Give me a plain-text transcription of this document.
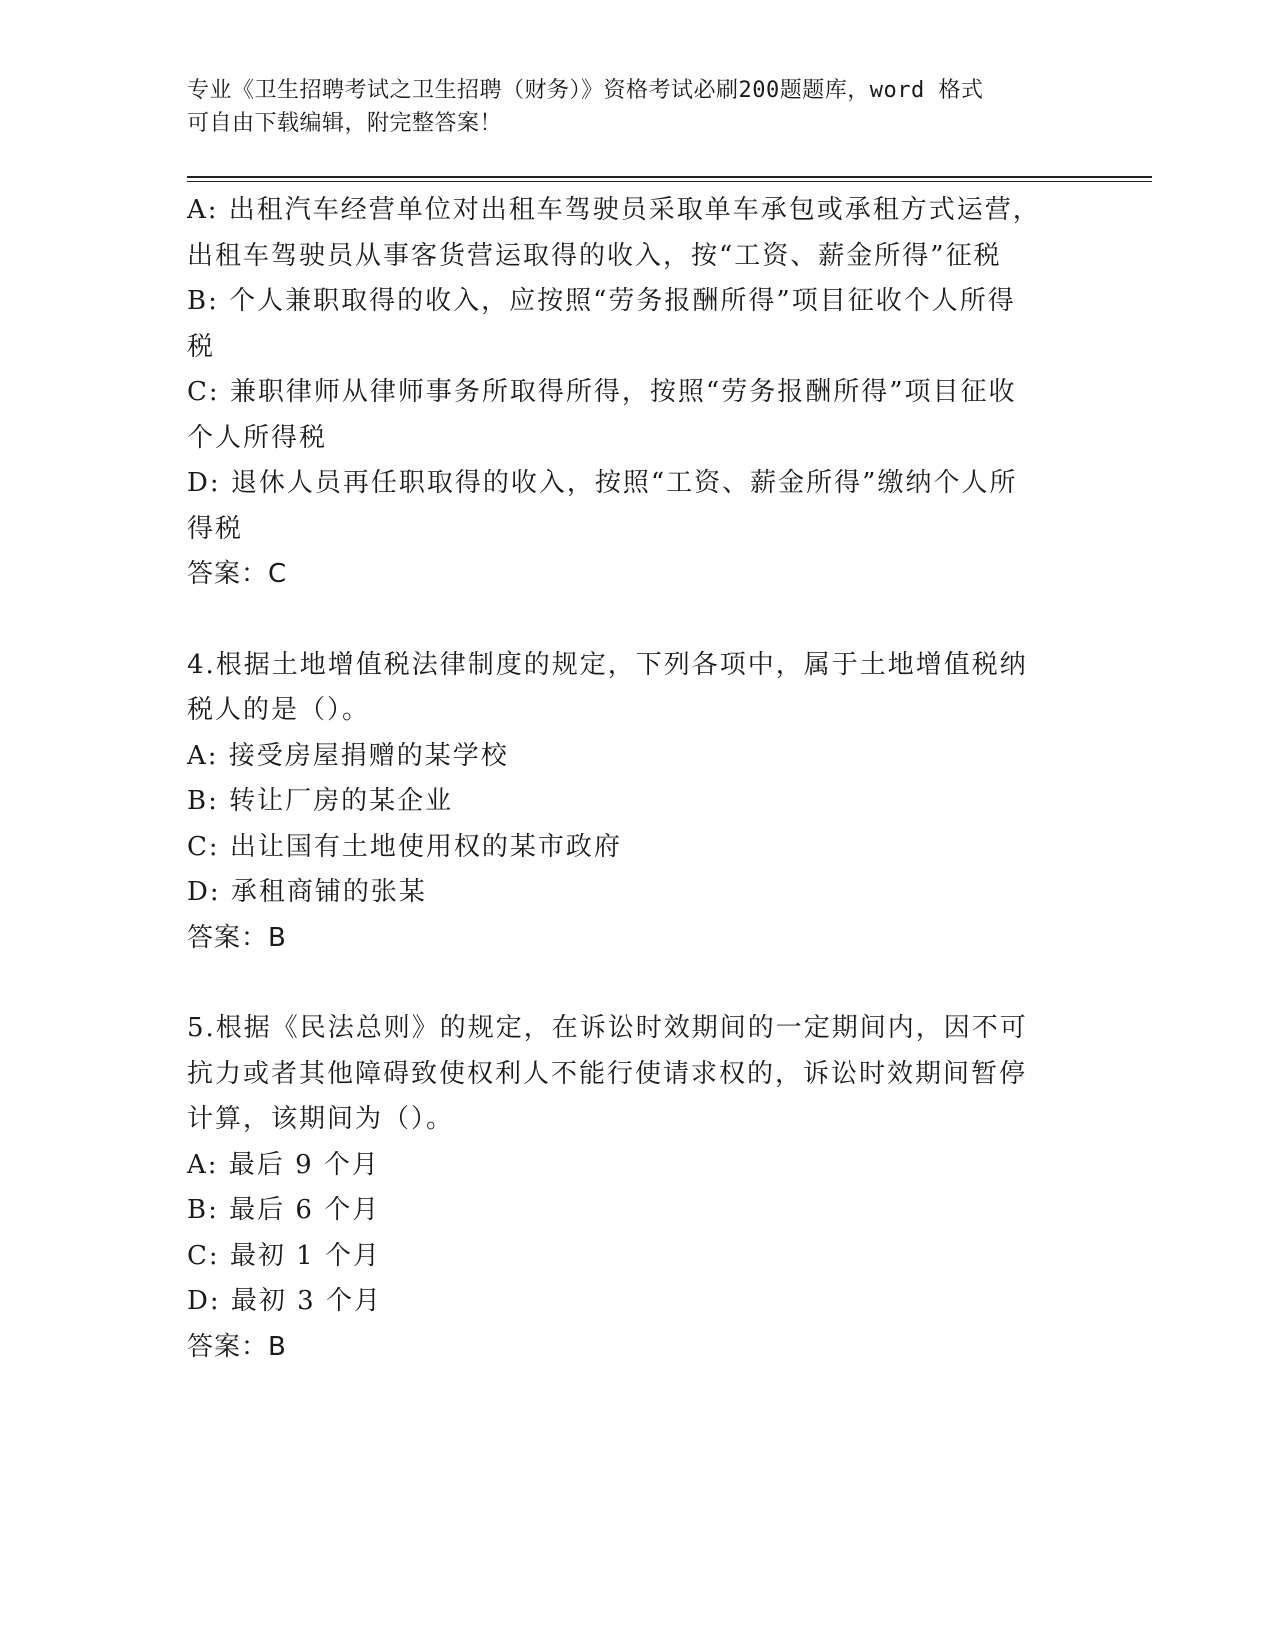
专业《卫生招聘考试之卫生招聘（财务）》资格考试必刷200题题库，word 格式
可自由下载编辑，附完整答案！

A: 出租汽车经营单位对出租车驾驶员采取单车承包或承租方式运营，

出租车驾驶员从事客货营运取得的收入，按“工资、薪金所得”征税

B: 个人兼职取得的收入，应按照“劳务报酬所得”项目征收个人所得

税

C: 兼职律师从律师事务所取得所得，按照“劳务报酬所得”项目征收

个人所得税

D: 退休人员再任职取得的收入，按照“工资、薪金所得”缴纳个人所

得税

答案：C

4.根据土地增值税法律制度的规定，下列各项中，属于土地增值税纳

税人的是（）。

A: 接受房屋捐赠的某学校

B: 转让厂房的某企业

C: 出让国有土地使用权的某市政府

D: 承租商铺的张某

答案：B

5.根据《民法总则》的规定，在诉讼时效期间的一定期间内，因不可

抗力或者其他障碍致使权利人不能行使请求权的，诉讼时效期间暂停

计算，该期间为（）。

A: 最后 9 个月

B: 最后 6 个月

C: 最初 1 个月

D: 最初 3 个月

答案：B
